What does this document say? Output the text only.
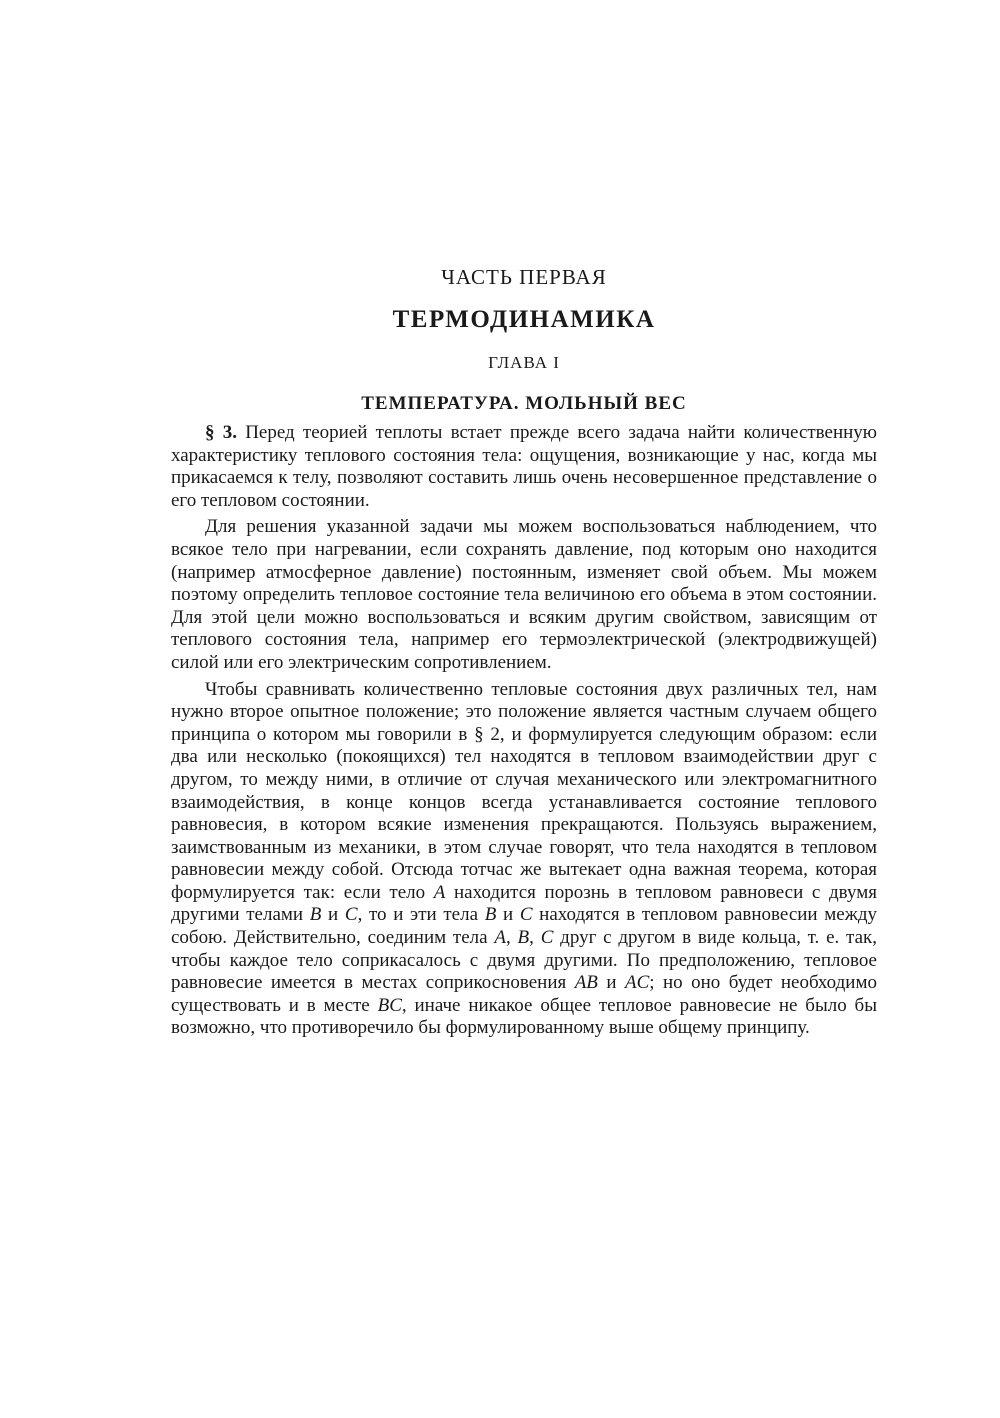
ЧАСТЬ ПЕРВАЯ
ТЕРМОДИНАМИКА
ГЛАВА I
ТЕМПЕРАТУРА. МОЛЬНЫЙ ВЕС

§ 3. Перед теорией теплоты встает прежде всего задача найти количественную характеристику теплового состояния тела: ощущения, возникающие у нас, когда мы прикасаемся к телу, позволяют составить лишь очень несовершенное представление о его тепловом состоянии.

Для решения указанной задачи мы можем воспользоваться наблюдением, что всякое тело при нагревании, если сохранять давление, под которым оно находится (например атмосферное давление) постоянным, изменяет свой объем. Мы можем поэтому определить тепловое состояние тела величиною его объема в этом состоянии. Для этой цели можно воспользоваться и всяким другим свойством, зависящим от теплового состояния тела, например его термоэлектрической (электродвижущей) силой или его электрическим сопротивлением.

Чтобы сравнивать количественно тепловые состояния двух различных тел, нам нужно второе опытное положение; это положение является частным случаем общего принципа о котором мы говорили в § 2, и формулируется следующим образом: если два или несколько (покоящихся) тел находятся в тепловом взаимодействии друг с другом, то между ними, в отличие от случая механического или электромагнитного взаимодействия, в конце концов всегда устанавливается состояние теплового равновесия, в котором всякие изменения прекращаются. Пользуясь выражением, заимствованным из механики, в этом случае говорят, что тела находятся в тепловом равновесии между собой. Отсюда тотчас же вытекает одна важная теорема, которая формулируется так: если тело A находится порознь в тепловом равновеси с двумя другими телами B и C, то и эти тела B и C находятся в тепловом равновесии между собою. Действительно, соединим тела A, B, C друг с другом в виде кольца, т. е. так, чтобы каждое тело соприкасалось с двумя другими. По предположению, тепловое равновесие имеется в местах соприкосновения AB и AC; но оно будет необходимо существовать и в месте BC, иначе никакое общее тепловое равновесие не было бы возможно, что противоречило бы формулированному выше общему принципу.
